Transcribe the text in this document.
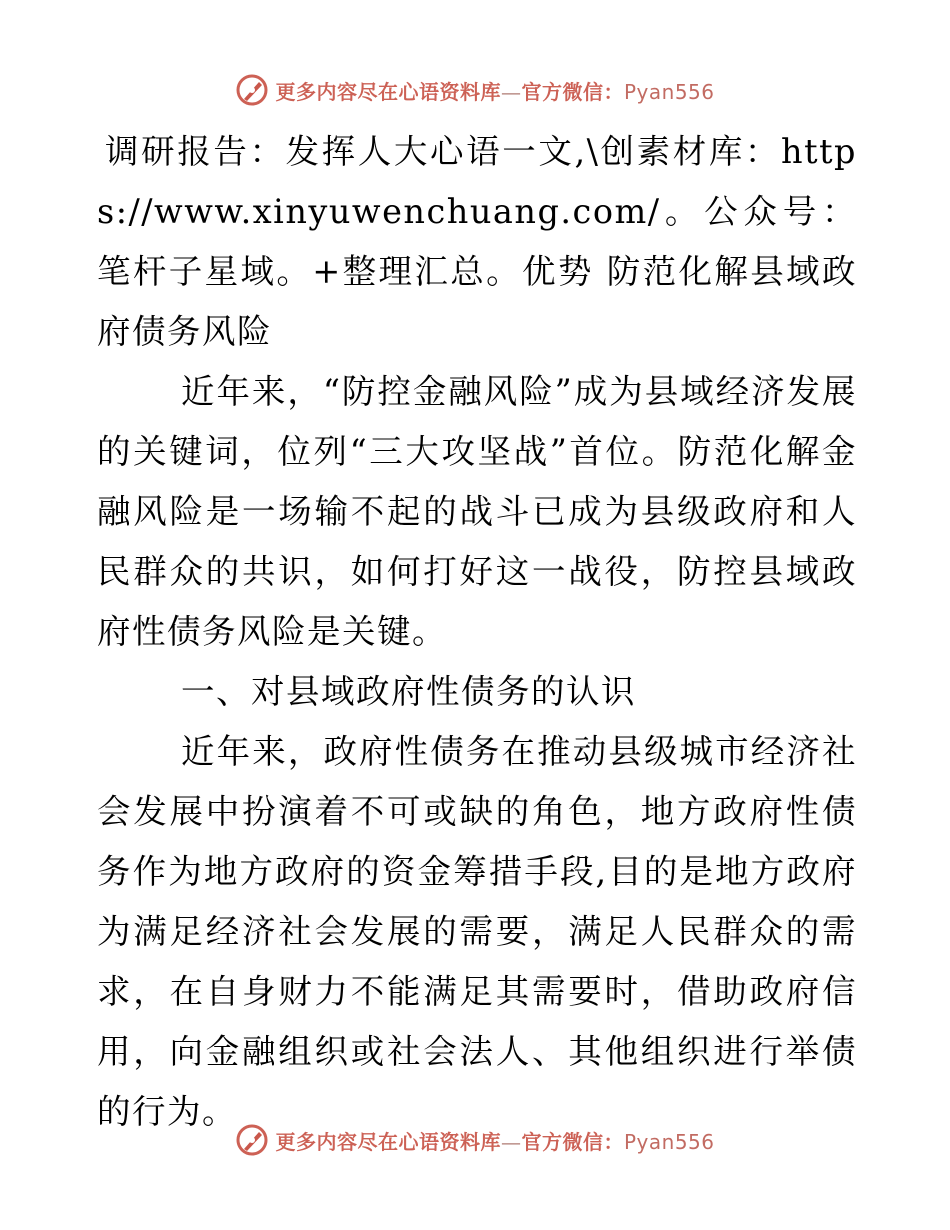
更多内容尽在心语资料库—官方微信：Pyan556

调研报告：发挥人大心语一文,\创素材库：https://www.xinyuwenchuang.com/。公众号：笔杆子星域。+整理汇总。优势 防范化解县域政府债务风险

近年来，“防控金融风险”成为县域经济发展的关键词，位列“三大攻坚战”首位。防范化解金融风险是一场输不起的战斗已成为县级政府和人民群众的共识，如何打好这一战役，防控县域政府性债务风险是关键。

一、对县域政府性债务的认识

近年来，政府性债务在推动县级城市经济社会发展中扮演着不可或缺的角色，地方政府性债务作为地方政府的资金筹措手段,目的是地方政府为满足经济社会发展的需要，满足人民群众的需求，在自身财力不能满足其需要时，借助政府信用，向金融组织或社会法人、其他组织进行举债的行为。

更多内容尽在心语资料库—官方微信：Pyan556
